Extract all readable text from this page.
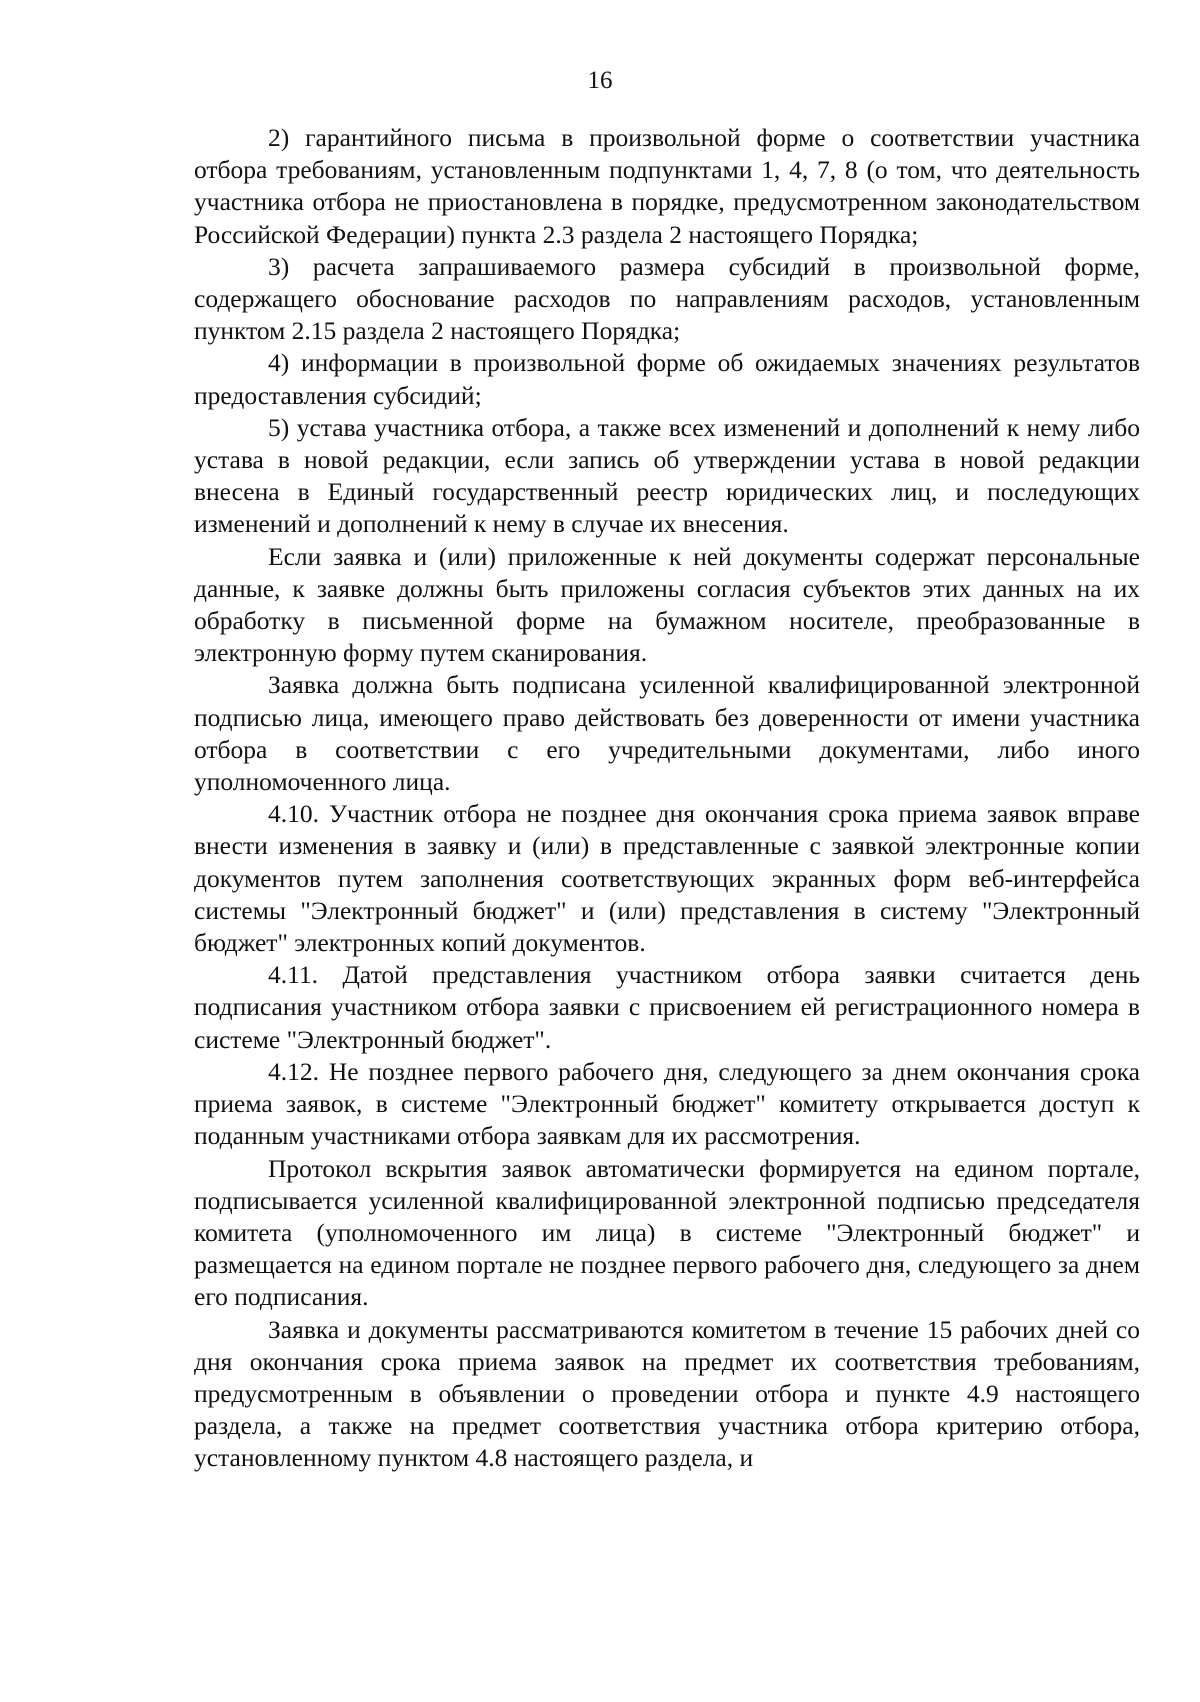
16

2) гарантийного письма в произвольной форме о соответствии участника отбора требованиям, установленным подпунктами 1, 4, 7, 8 (о том, что деятельность участника отбора не приостановлена в порядке, предусмотренном законодательством Российской Федерации) пункта 2.3 раздела 2 настоящего Порядка;

3) расчета запрашиваемого размера субсидий в произвольной форме, содержащего обоснование расходов по направлениям расходов, установленным пунктом 2.15 раздела 2 настоящего Порядка;

4) информации в произвольной форме об ожидаемых значениях результатов предоставления субсидий;

5) устава участника отбора, а также всех изменений и дополнений к нему либо устава в новой редакции, если запись об утверждении устава в новой редакции внесена в Единый государственный реестр юридических лиц, и последующих изменений и дополнений к нему в случае их внесения.

Если заявка и (или) приложенные к ней документы содержат персональные данные, к заявке должны быть приложены согласия субъектов этих данных на их обработку в письменной форме на бумажном носителе, преобразованные в электронную форму путем сканирования.

Заявка должна быть подписана усиленной квалифицированной электронной подписью лица, имеющего право действовать без доверенности от имени участника отбора в соответствии с его учредительными документами, либо иного уполномоченного лица.

4.10. Участник отбора не позднее дня окончания срока приема заявок вправе внести изменения в заявку и (или) в представленные с заявкой электронные копии документов путем заполнения соответствующих экранных форм веб-интерфейса системы "Электронный бюджет" и (или) представления в систему "Электронный бюджет" электронных копий документов.

4.11. Датой представления участником отбора заявки считается день подписания участником отбора заявки с присвоением ей регистрационного номера в системе "Электронный бюджет".

4.12. Не позднее первого рабочего дня, следующего за днем окончания срока приема заявок, в системе "Электронный бюджет" комитету открывается доступ к поданным участниками отбора заявкам для их рассмотрения.

Протокол вскрытия заявок автоматически формируется на едином портале, подписывается усиленной квалифицированной электронной подписью председателя комитета (уполномоченного им лица) в системе "Электронный бюджет" и размещается на едином портале не позднее первого рабочего дня, следующего за днем его подписания.

Заявка и документы рассматриваются комитетом в течение 15 рабочих дней со дня окончания срока приема заявок на предмет их соответствия требованиям, предусмотренным в объявлении о проведении отбора и пункте 4.9 настоящего раздела, а также на предмет соответствия участника отбора критерию отбора, установленному пунктом 4.8 настоящего раздела, и
